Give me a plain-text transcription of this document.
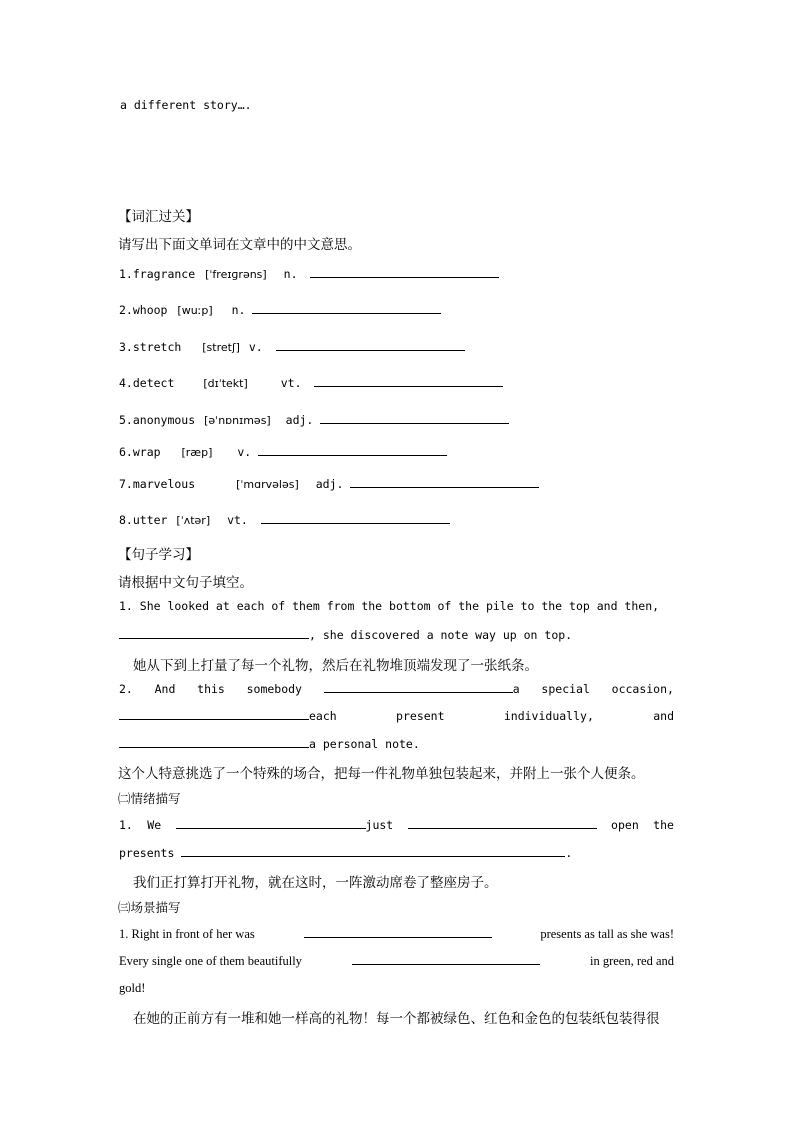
a different story….
【词汇过关】
请写出下面文单词在文章中的中文意思。
1.fragrance [ˈfreɪɡrəns] n.
2.whoop [wuːp] n.
3.stretch [stretʃ] v.
4.detect	[dɪˈtekt]	vt.
5.anonymous [əˈnɒnɪməs] adj.
6.wrap [ræp] v.
7.marvelous	[ˈmɑrvələs] adj.
8.utter [ˈʌtər] vt.
【句子学习】
请根据中文句子填空。
1. She looked at each of them from the bottom of the pile to the top and then,
, she discovered a note way up on top.
她从下到上打量了每一个礼物，然后在礼物堆顶端发现了一张纸条。
2. And this somebody	a special occasion,
each	present	individually,	and
a personal note.
这个人特意挑选了一个特殊的场合，把每一件礼物单独包装起来，并附上一张个人便条。
㈡情绪描写
1. We	just	open the
presents	.
我们正打算打开礼物，就在这时，一阵激动席卷了整座房子。
㈢场景描写
1. Right in front of her was	presents as tall as she was!
Every single one of them beautifully	in green, red and
gold!
在她的正前方有一堆和她一样高的礼物！每一个都被绿色、红色和金色的包装纸包装得很
